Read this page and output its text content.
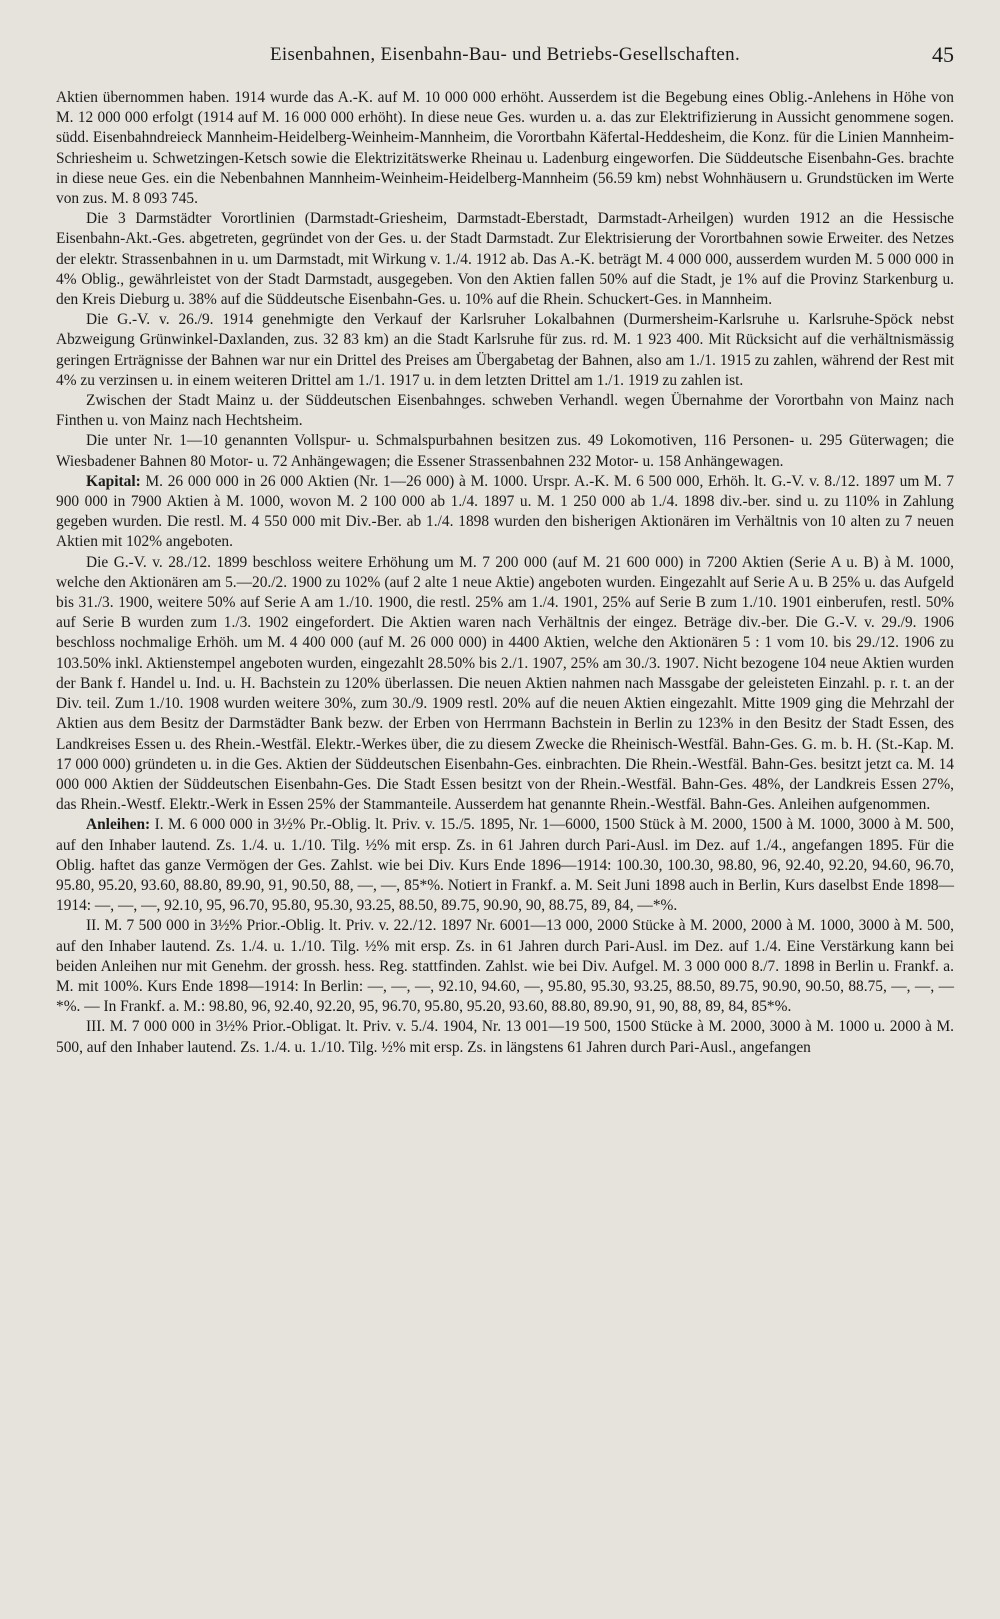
Eisenbahnen, Eisenbahn-Bau- und Betriebs-Gesellschaften.	45

Aktien übernommen haben. 1914 wurde das A.-K. auf M. 10 000 000 erhöht. Ausserdem ist die Begebung eines Oblig.-Anlehens in Höhe von M. 12 000 000 erfolgt (1914 auf M. 16 000 000 erhöht). In diese neue Ges. wurden u. a. das zur Elektrifizierung in Aussicht genommene sogen. südd. Eisenbahndreieck Mannheim-Heidelberg-Weinheim-Mannheim, die Vorortbahn Käfertal-Heddesheim, die Konz. für die Linien Mannheim-Schriesheim u. Schwetzingen-Ketsch sowie die Elektrizitätswerke Rheinau u. Ladenburg eingeworfen. Die Süddeutsche Eisenbahn-Ges. brachte in diese neue Ges. ein die Nebenbahnen Mannheim-Weinheim-Heidelberg-Mannheim (56.59 km) nebst Wohnhäusern u. Grundstücken im Werte von zus. M. 8 093 745.

Die 3 Darmstädter Vorortlinien (Darmstadt-Griesheim, Darmstadt-Eberstadt, Darmstadt-Arheilgen) wurden 1912 an die Hessische Eisenbahn-Akt.-Ges. abgetreten, gegründet von der Ges. u. der Stadt Darmstadt. Zur Elektrisierung der Vorortbahnen sowie Erweiter. des Netzes der elektr. Strassenbahnen in u. um Darmstadt, mit Wirkung v. 1./4. 1912 ab. Das A.-K. beträgt M. 4 000 000, ausserdem wurden M. 5 000 000 in 4% Oblig., gewährleistet von der Stadt Darmstadt, ausgegeben. Von den Aktien fallen 50% auf die Stadt, je 1% auf die Provinz Starkenburg u. den Kreis Dieburg u. 38% auf die Süddeutsche Eisenbahn-Ges. u. 10% auf die Rhein. Schuckert-Ges. in Mannheim.

Die G.-V. v. 26./9. 1914 genehmigte den Verkauf der Karlsruher Lokalbahnen (Durmersheim-Karlsruhe u. Karlsruhe-Spöck nebst Abzweigung Grünwinkel-Daxlanden, zus. 32 83 km) an die Stadt Karlsruhe für zus. rd. M. 1 923 400. Mit Rücksicht auf die verhältnismässig geringen Erträgnisse der Bahnen war nur ein Drittel des Preises am Übergabetag der Bahnen, also am 1./1. 1915 zu zahlen, während der Rest mit 4% zu verzinsen u. in einem weiteren Drittel am 1./1. 1917 u. in dem letzten Drittel am 1./1. 1919 zu zahlen ist.

Zwischen der Stadt Mainz u. der Süddeutschen Eisenbahnges. schweben Verhandl. wegen Übernahme der Vorortbahn von Mainz nach Finthen u. von Mainz nach Hechtsheim.

Die unter Nr. 1—10 genannten Vollspur- u. Schmalspurbahnen besitzen zus. 49 Lokomotiven, 116 Personen- u. 295 Güterwagen; die Wiesbadener Bahnen 80 Motor- u. 72 Anhängewagen; die Essener Strassenbahnen 232 Motor- u. 158 Anhängewagen.

Kapital: M. 26 000 000 in 26 000 Aktien (Nr. 1—26 000) à M. 1000. Urspr. A.-K. M. 6 500 000, Erhöh. lt. G.-V. v. 8./12. 1897 um M. 7 900 000 in 7900 Aktien à M. 1000, wovon M. 2 100 000 ab 1./4. 1897 u. M. 1 250 000 ab 1./4. 1898 div.-ber. sind u. zu 110% in Zahlung gegeben wurden. Die restl. M. 4 550 000 mit Div.-Ber. ab 1./4. 1898 wurden den bisherigen Aktionären im Verhältnis von 10 alten zu 7 neuen Aktien mit 102% angeboten.

Die G.-V. v. 28./12. 1899 beschloss weitere Erhöhung um M. 7 200 000 (auf M. 21 600 000) in 7200 Aktien (Serie A u. B) à M. 1000, welche den Aktionären am 5.—20./2. 1900 zu 102% (auf 2 alte 1 neue Aktie) angeboten wurden. Eingezahlt auf Serie A u. B 25% u. das Aufgeld bis 31./3. 1900, weitere 50% auf Serie A am 1./10. 1900, die restl. 25% am 1./4. 1901, 25% auf Serie B zum 1./10. 1901 einberufen, restl. 50% auf Serie B wurden zum 1./3. 1902 eingefordert. Die Aktien waren nach Verhältnis der eingez. Beträge div.-ber. Die G.-V. v. 29./9. 1906 beschloss nochmalige Erhöh. um M. 4 400 000 (auf M. 26 000 000) in 4400 Aktien, welche den Aktionären 5 : 1 vom 10. bis 29./12. 1906 zu 103.50% inkl. Aktienstempel angeboten wurden, eingezahlt 28.50% bis 2./1. 1907, 25% am 30./3. 1907. Nicht bezogene 104 neue Aktien wurden der Bank f. Handel u. Ind. u. H. Bachstein zu 120% überlassen. Die neuen Aktien nahmen nach Massgabe der geleisteten Einzahl. p. r. t. an der Div. teil. Zum 1./10. 1908 wurden weitere 30%, zum 30./9. 1909 restl. 20% auf die neuen Aktien eingezahlt. Mitte 1909 ging die Mehrzahl der Aktien aus dem Besitz der Darmstädter Bank bezw. der Erben von Herrmann Bachstein in Berlin zu 123% in den Besitz der Stadt Essen, des Landkreises Essen u. des Rhein.-Westfäl. Elektr.-Werkes über, die zu diesem Zwecke die Rheinisch-Westfäl. Bahn-Ges. G. m. b. H. (St.-Kap. M. 17 000 000) gründeten u. in die Ges. Aktien der Süddeutschen Eisenbahn-Ges. einbrachten. Die Rhein.-Westfäl. Bahn-Ges. besitzt jetzt ca. M. 14 000 000 Aktien der Süddeutschen Eisenbahn-Ges. Die Stadt Essen besitzt von der Rhein.-Westfäl. Bahn-Ges. 48%, der Landkreis Essen 27%, das Rhein.-Westf. Elektr.-Werk in Essen 25% der Stammanteile. Ausserdem hat genannte Rhein.-Westfäl. Bahn-Ges. Anleihen aufgenommen.

Anleihen: I. M. 6 000 000 in 3½% Pr.-Oblig. lt. Priv. v. 15./5. 1895, Nr. 1—6000, 1500 Stück à M. 2000, 1500 à M. 1000, 3000 à M. 500, auf den Inhaber lautend. Zs. 1./4. u. 1./10. Tilg. ½% mit ersp. Zs. in 61 Jahren durch Pari-Ausl. im Dez. auf 1./4., angefangen 1895. Für die Oblig. haftet das ganze Vermögen der Ges. Zahlst. wie bei Div. Kurs Ende 1896—1914: 100.30, 100.30, 98.80, 96, 92.40, 92.20, 94.60, 96.70, 95.80, 95.20, 93.60, 88.80, 89.90, 91, 90.50, 88, —, —, 85*%. Notiert in Frankf. a. M. Seit Juni 1898 auch in Berlin, Kurs daselbst Ende 1898—1914: —, —, —, 92.10, 95, 96.70, 95.80, 95.30, 93.25, 88.50, 89.75, 90.90, 90, 88.75, 89, 84, —*%.

II. M. 7 500 000 in 3½% Prior.-Oblig. lt. Priv. v. 22./12. 1897 Nr. 6001—13 000, 2000 Stücke à M. 2000, 2000 à M. 1000, 3000 à M. 500, auf den Inhaber lautend. Zs. 1./4. u. 1./10. Tilg. ½% mit ersp. Zs. in 61 Jahren durch Pari-Ausl. im Dez. auf 1./4. Eine Verstärkung kann bei beiden Anleihen nur mit Genehm. der grossh. hess. Reg. stattfinden. Zahlst. wie bei Div. Aufgel. M. 3 000 000 8./7. 1898 in Berlin u. Frankf. a. M. mit 100%. Kurs Ende 1898—1914: In Berlin: —, —, —, 92.10, 94.60, —, 95.80, 95.30, 93.25, 88.50, 89.75, 90.90, 90.50, 88.75, —, —, —*%. — In Frankf. a. M.: 98.80, 96, 92.40, 92.20, 95, 96.70, 95.80, 95.20, 93.60, 88.80, 89.90, 91, 90, 88, 89, 84, 85*%.

III. M. 7 000 000 in 3½% Prior.-Obligat. lt. Priv. v. 5./4. 1904, Nr. 13 001—19 500, 1500 Stücke à M. 2000, 3000 à M. 1000 u. 2000 à M. 500, auf den Inhaber lautend. Zs. 1./4. u. 1./10. Tilg. ½% mit ersp. Zs. in längstens 61 Jahren durch Pari-Ausl., angefangen
